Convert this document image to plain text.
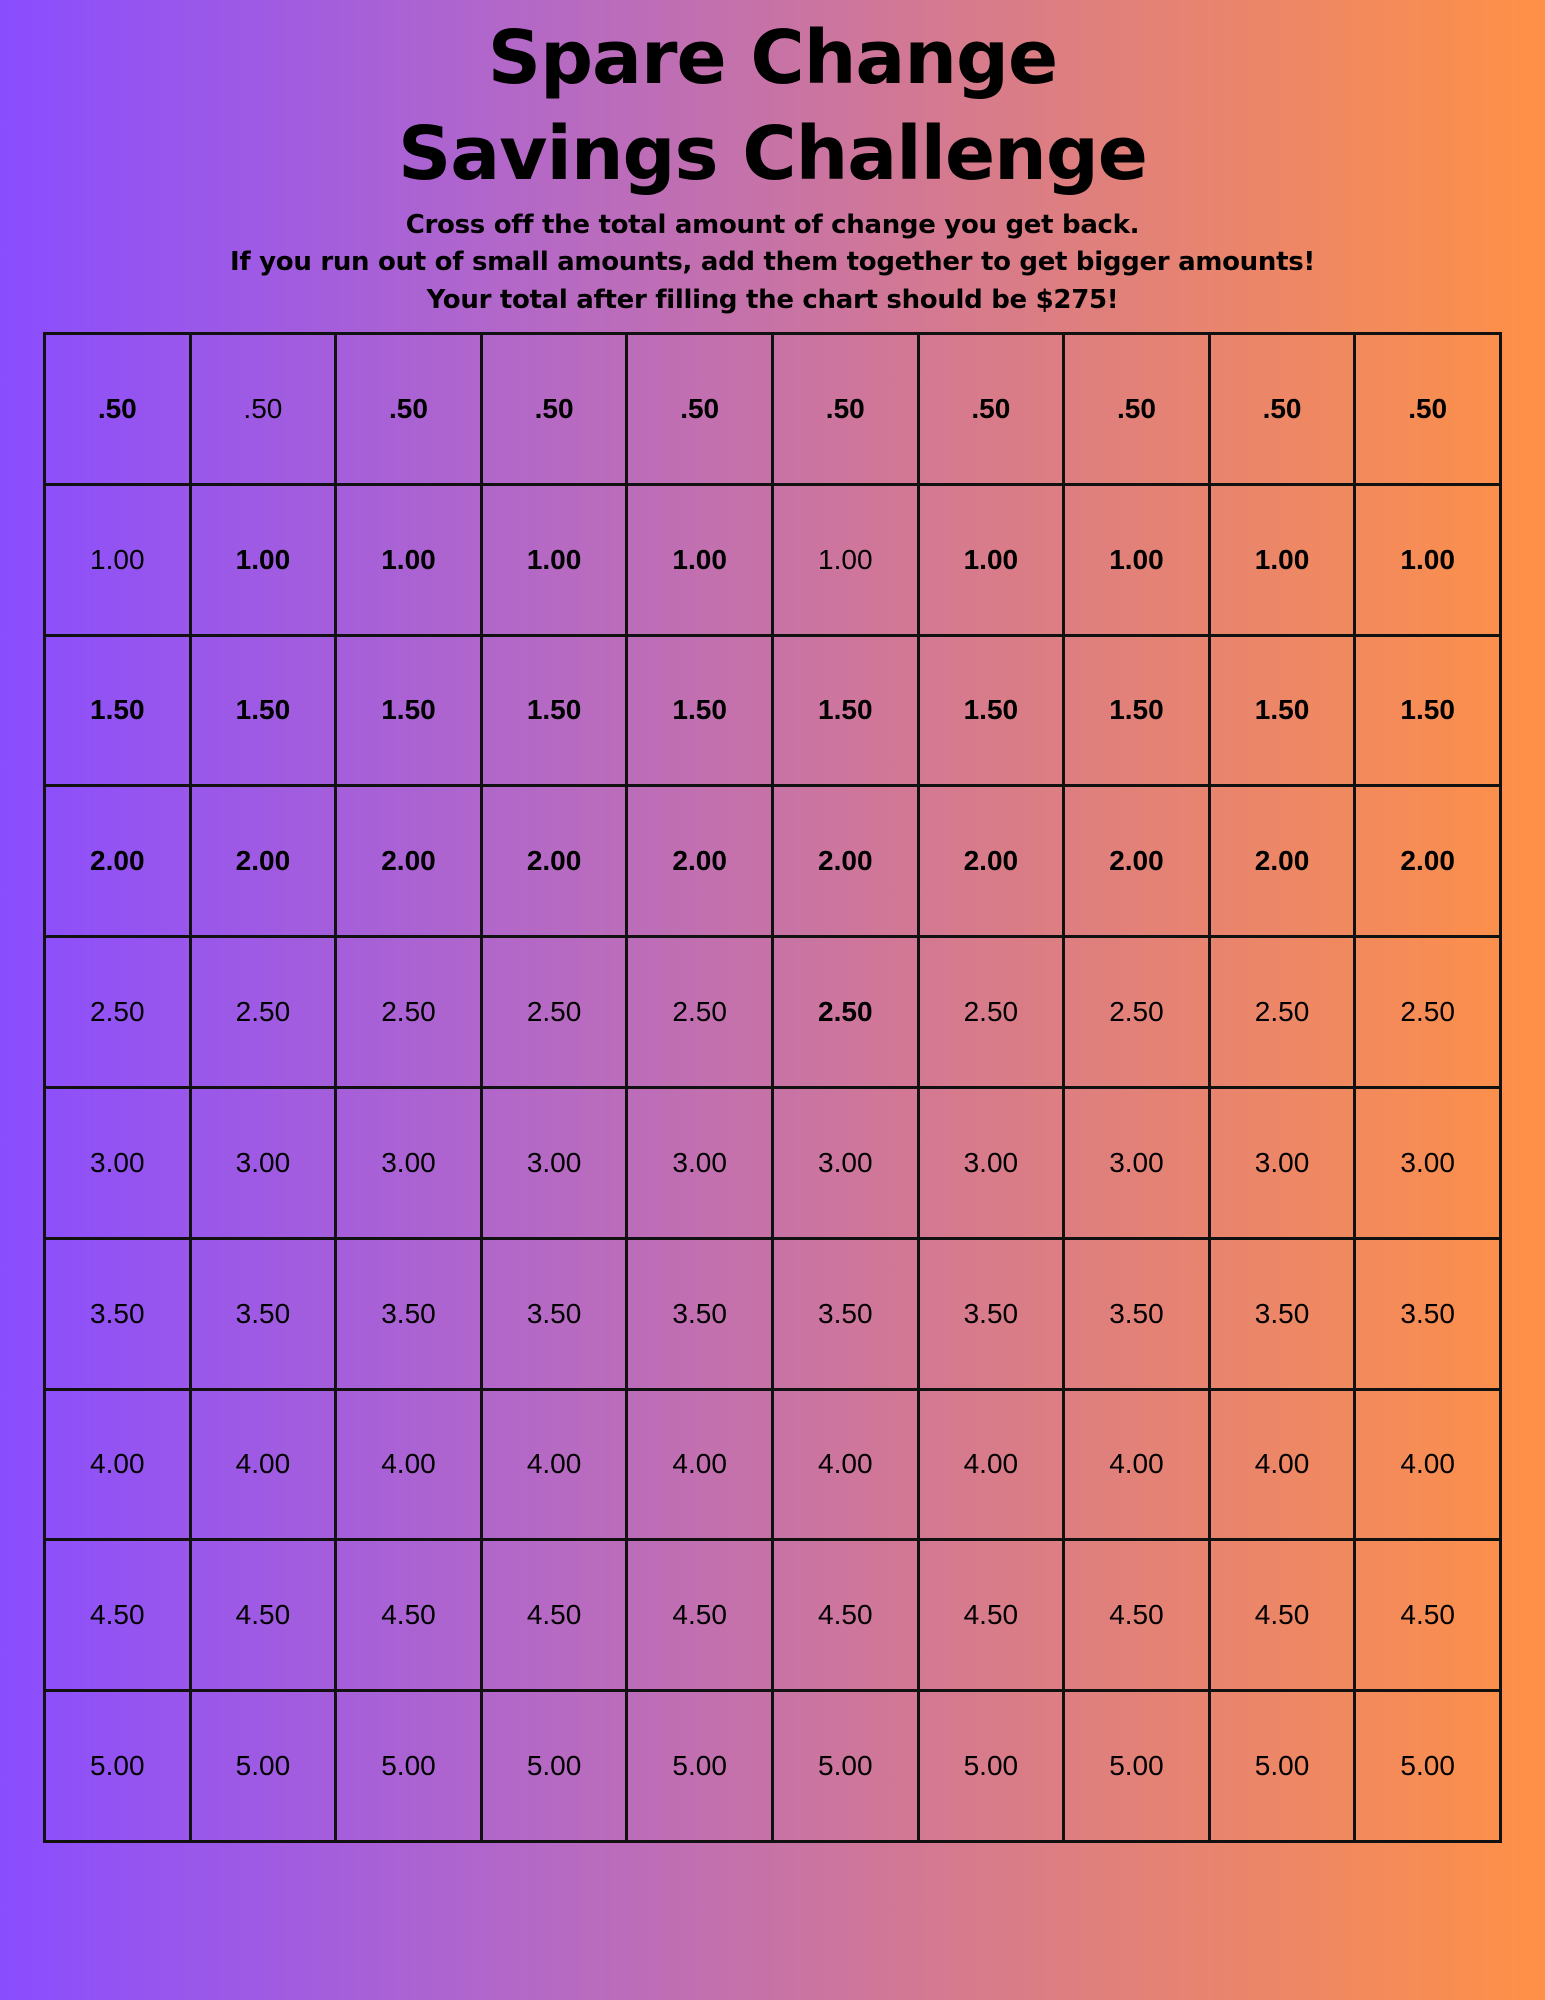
Spare Change
Savings Challenge

Cross off the total amount of change you get back.

If you run out of small amounts, add them together to get bigger amounts!

Your total after filling the chart should be $275!

.50	.50	.50	.50	.50	.50	.50	.50	.50	.50
1.00	1.00	1.00	1.00	1.00	1.00	1.00	1.00	1.00	1.00
1.50	1.50	1.50	1.50	1.50	1.50	1.50	1.50	1.50	1.50
2.00	2.00	2.00	2.00	2.00	2.00	2.00	2.00	2.00	2.00
2.50	2.50	2.50	2.50	2.50	2.50	2.50	2.50	2.50	2.50
3.00	3.00	3.00	3.00	3.00	3.00	3.00	3.00	3.00	3.00
3.50	3.50	3.50	3.50	3.50	3.50	3.50	3.50	3.50	3.50
4.00	4.00	4.00	4.00	4.00	4.00	4.00	4.00	4.00	4.00
4.50	4.50	4.50	4.50	4.50	4.50	4.50	4.50	4.50	4.50
5.00	5.00	5.00	5.00	5.00	5.00	5.00	5.00	5.00	5.00
